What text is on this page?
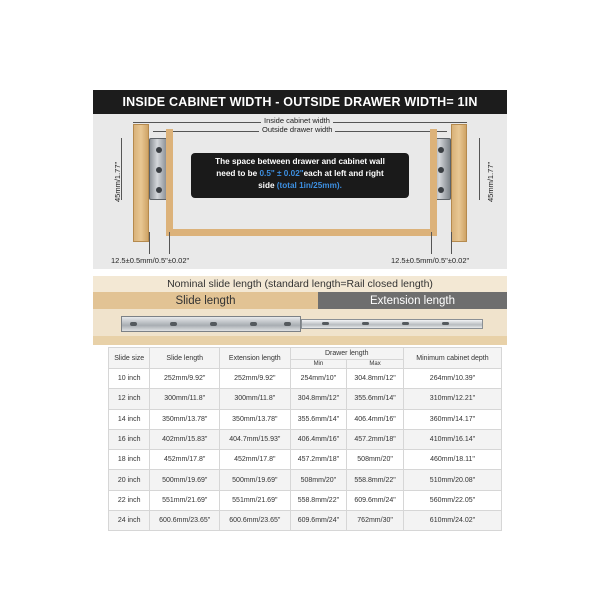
INSIDE CABINET WIDTH - OUTSIDE DRAWER WIDTH= 1IN
Inside cabinet width
Outside drawer width
45mm/1.77"	45mm/1.77"
The space between drawer and cabinet wall
need to be 0.5" ± 0.02"each at left and right
side (total 1in/25mm).
12.5±0.5mm/0.5"±0.02"	12.5±0.5mm/0.5"±0.02"
Nominal slide length (standard length=Rail closed length)
Slide length	Extension length
Slide size	Slide length	Extension length	Drawer length		Minimum cabinet depth
			Min	Max	
10 inch	252mm/9.92"	252mm/9.92"	254mm/10"	304.8mm/12"	264mm/10.39"
12 inch	300mm/11.8"	300mm/11.8"	304.8mm/12"	355.6mm/14"	310mm/12.21"
14 inch	350mm/13.78"	350mm/13.78"	355.6mm/14"	406.4mm/16"	360mm/14.17"
16 inch	402mm/15.83"	404.7mm/15.93"	406.4mm/16"	457.2mm/18"	410mm/16.14"
18 inch	452mm/17.8"	452mm/17.8"	457.2mm/18"	508mm/20"	460mm/18.11"
20 inch	500mm/19.69"	500mm/19.69"	508mm/20"	558.8mm/22"	510mm/20.08"
22 inch	551mm/21.69"	551mm/21.69"	558.8mm/22"	609.6mm/24"	560mm/22.05"
24 inch	600.6mm/23.65"	600.6mm/23.65"	609.6mm/24"	762mm/30"	610mm/24.02"
